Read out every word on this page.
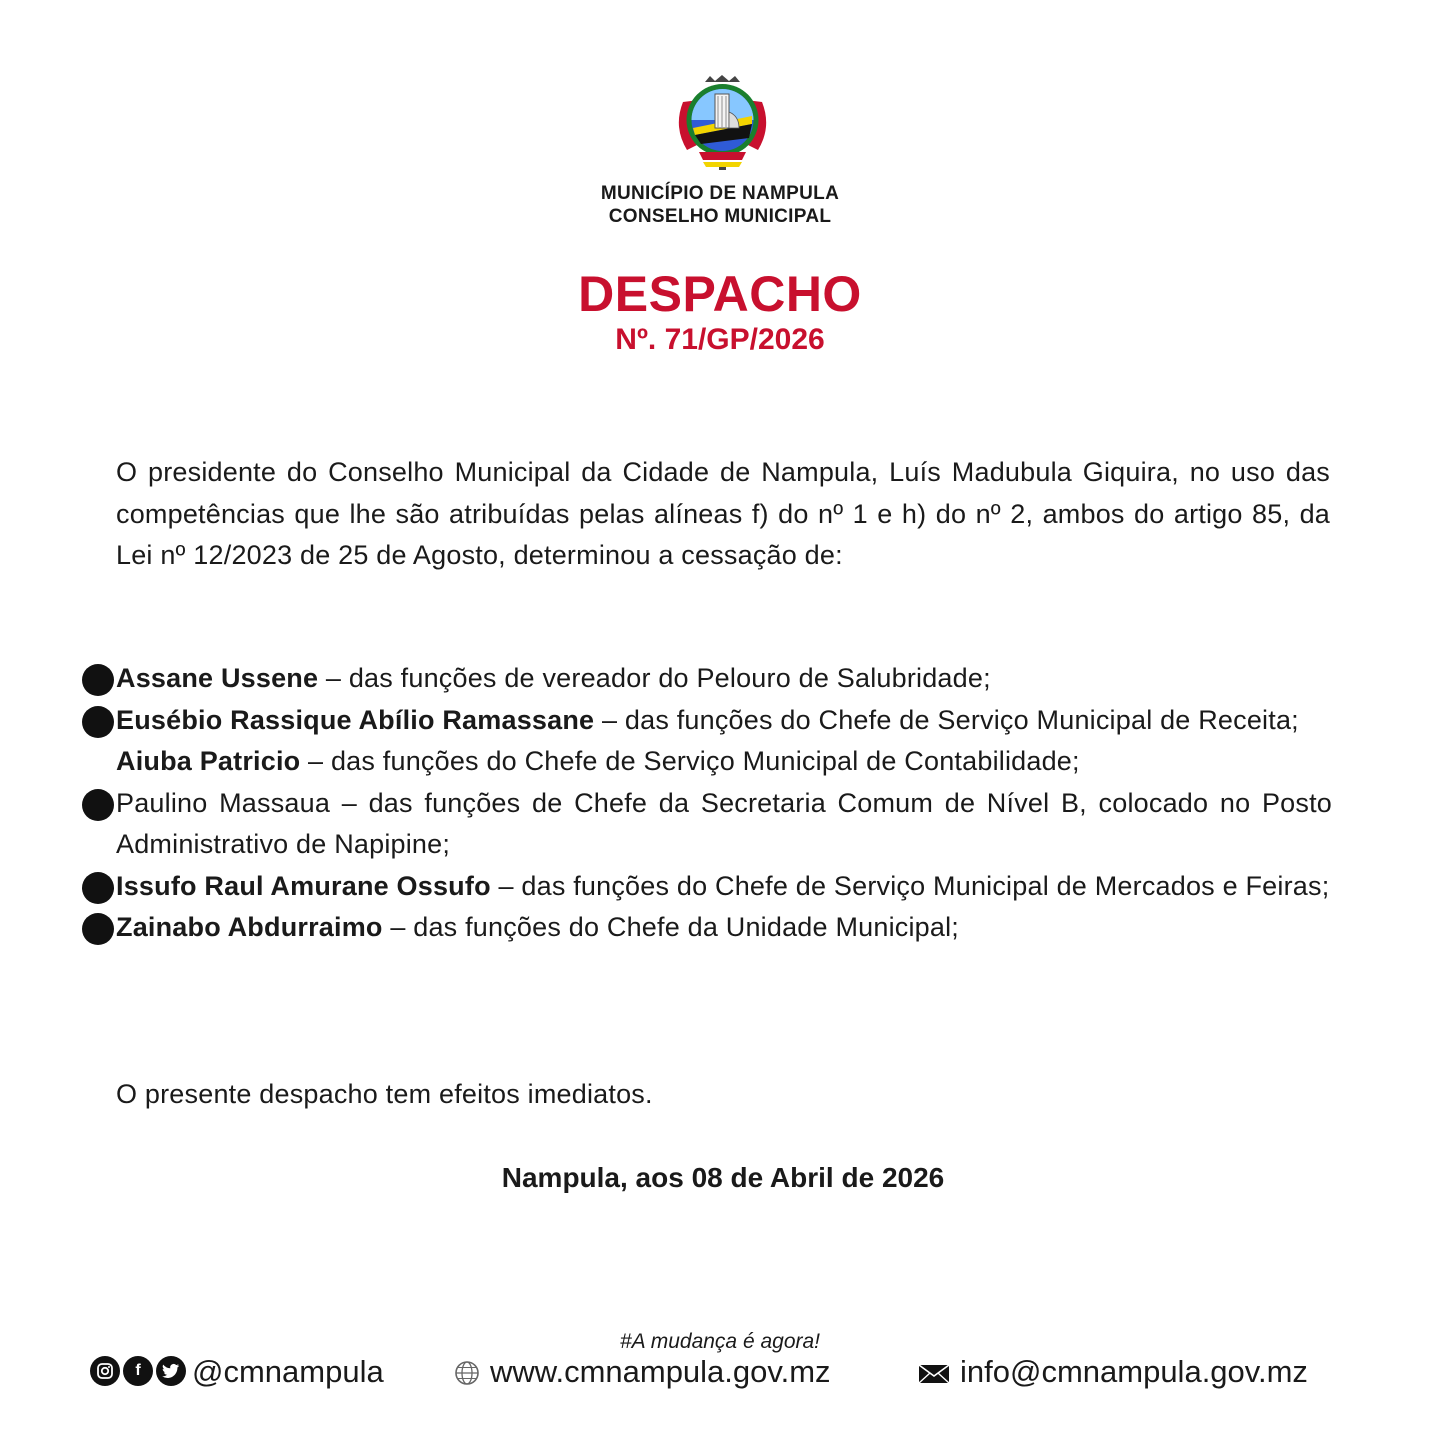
MUNICÍPIO DE NAMPULA
CONSELHO MUNICIPAL
DESPACHO
Nº. 71/GP/2026
O presidente do Conselho Municipal da Cidade de Nampula, Luís Madubula Giquira, no uso das competências que lhe são atribuídas pelas alíneas f) do nº 1 e h) do nº 2, ambos do artigo 85, da Lei nº 12/2023 de 25 de Agosto, determinou a cessação de:
Assane Ussene – das funções de vereador do Pelouro de Salubridade;
Eusébio Rassique Abílio Ramassane – das funções do Chefe de Serviço Municipal de Receita;
Aiuba Patricio – das funções do Chefe de Serviço Municipal de Contabilidade;
Paulino Massaua – das funções de Chefe da Secretaria Comum de Nível B, colocado no Posto Administrativo de Napipine;
Issufo Raul Amurane Ossufo – das funções do Chefe de Serviço Municipal de Mercados e Feiras;
Zainabo Abdurraimo – das funções do Chefe da Unidade Municipal;
O presente despacho tem efeitos imediatos.
Nampula, aos 08 de Abril de 2026
#A mudança é agora!
f	@cmnampula	www.cmnampula.gov.mz	info@cmnampula.gov.mz
